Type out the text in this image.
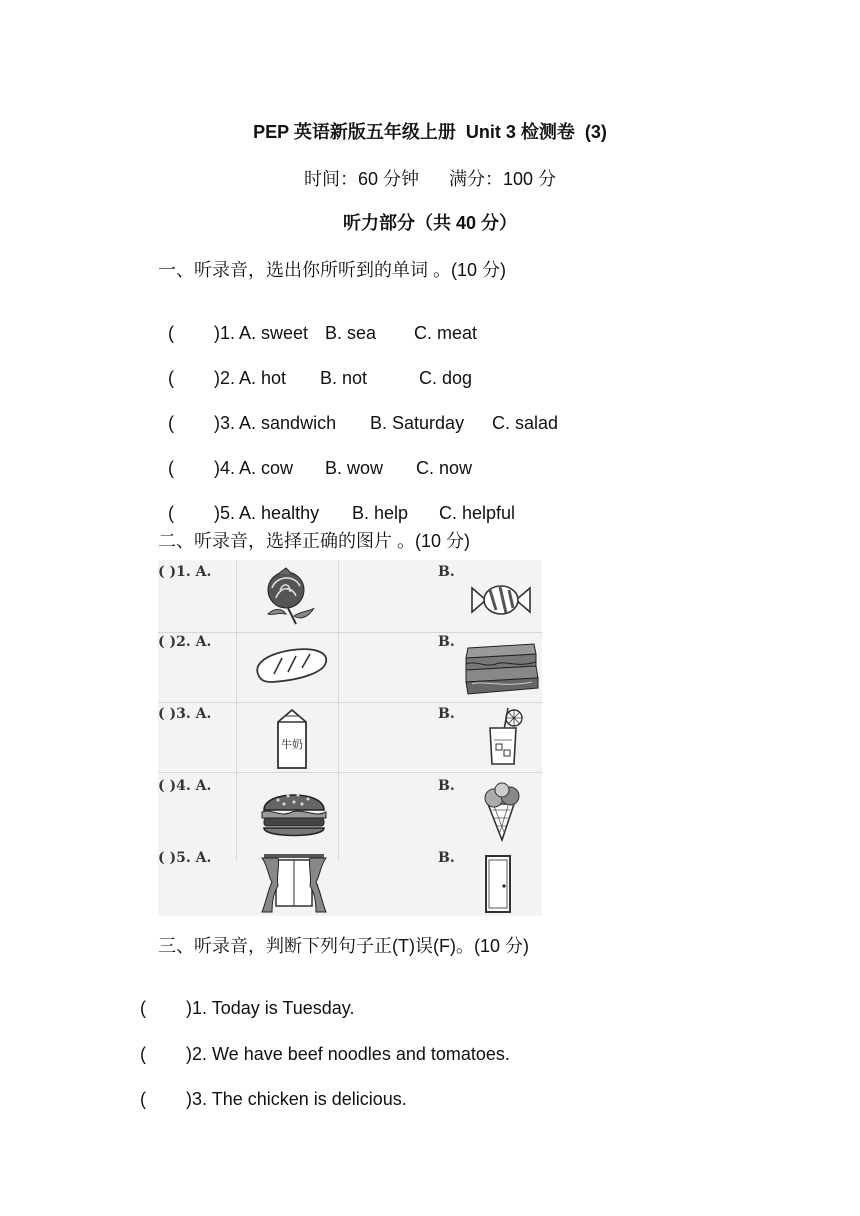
PEP 英语新版五年级上册  Unit 3 检测卷  (3)
时间：60 分钟      满分：100 分
听力部分（共 40 分）
一、听录音，选出你所听到的单词 。(10 分)

( )1. A. sweet B. sea C. meat

( )2. A. hot B. not	C. dog

( )3. A. sandwich B. Saturday C. salad

( )4. A. cow B. wow C. now

( )5. A. healthy B. help C. helpful

二、听录音，选择正确的图片 。(10 分)
( )1. A.	B.
( )2. A.	B.
( )3. A.	B.
( )4. A.	B.
( )5. A.	B.
牛奶
三、听录音，判断下列句子正(T)误(F)。(10 分)

( )1. Today is Tuesday.

( )2. We have beef noodles and tomatoes.

( )3. The chicken is delicious.
